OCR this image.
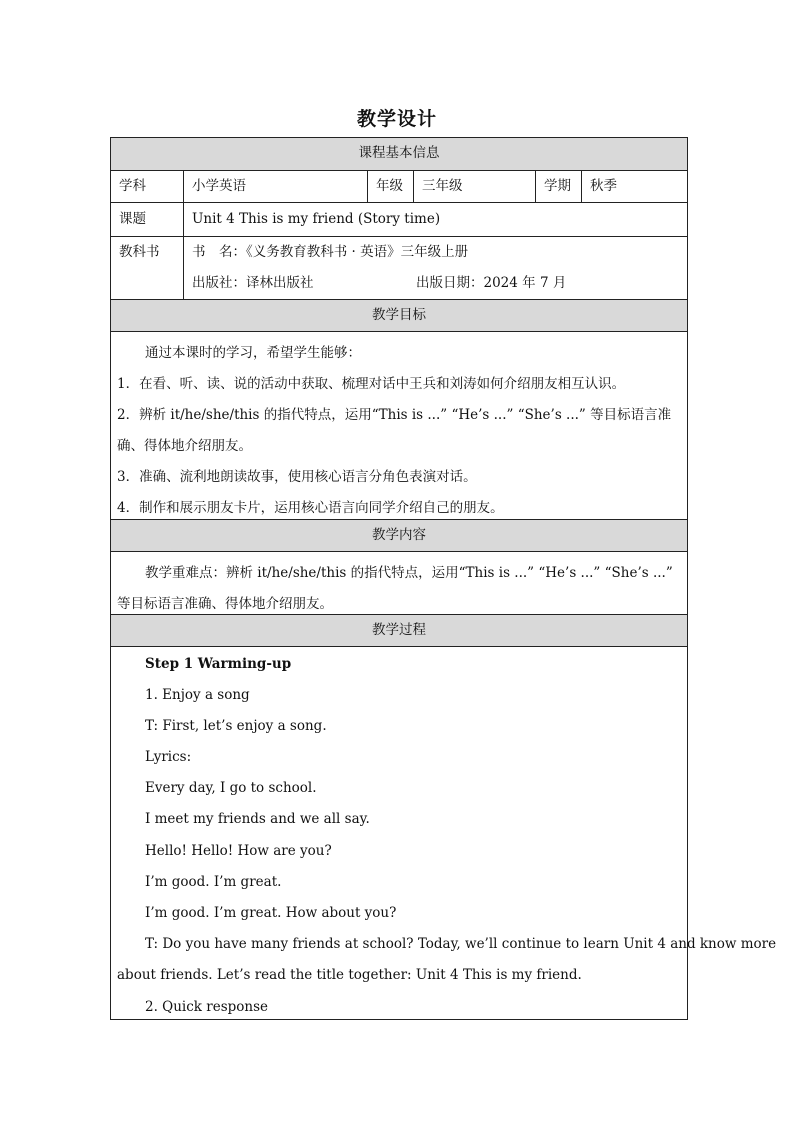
教学设计
课程基本信息
学科	小学英语	年级	三年级	学期	秋季
课题	Unit 4 This is my friend (Story time)
教科书	书　名：《义务教育教科书 · 英语》三年级上册
出版社：译林出版社	出版日期：2024 年 7 月
教学目标
通过本课时的学习，希望学生能够：
1．在看、听、读、说的活动中获取、梳理对话中王兵和刘涛如何介绍朋友相互认识。
2．辨析 it/he/she/this 的指代特点，运用“This is ...” “He’s ...” “She’s ...” 等目标语言准
确、得体地介绍朋友。
3．准确、流利地朗读故事，使用核心语言分角色表演对话。
4．制作和展示朋友卡片，运用核心语言向同学介绍自己的朋友。
教学内容
教学重难点：辨析 it/he/she/this 的指代特点，运用“This is ...” “He’s ...” “She’s ...”
等目标语言准确、得体地介绍朋友。
教学过程
Step 1 Warming-up
1. Enjoy a song
T: First, let’s enjoy a song.
Lyrics:
Every day, I go to school.
I meet my friends and we all say.
Hello! Hello! How are you?
I’m good. I’m great.
I’m good. I’m great. How about you?
T: Do you have many friends at school? Today, we’ll continue to learn Unit 4 and know more
about friends. Let’s read the title together: Unit 4 This is my friend.
2. Quick response
